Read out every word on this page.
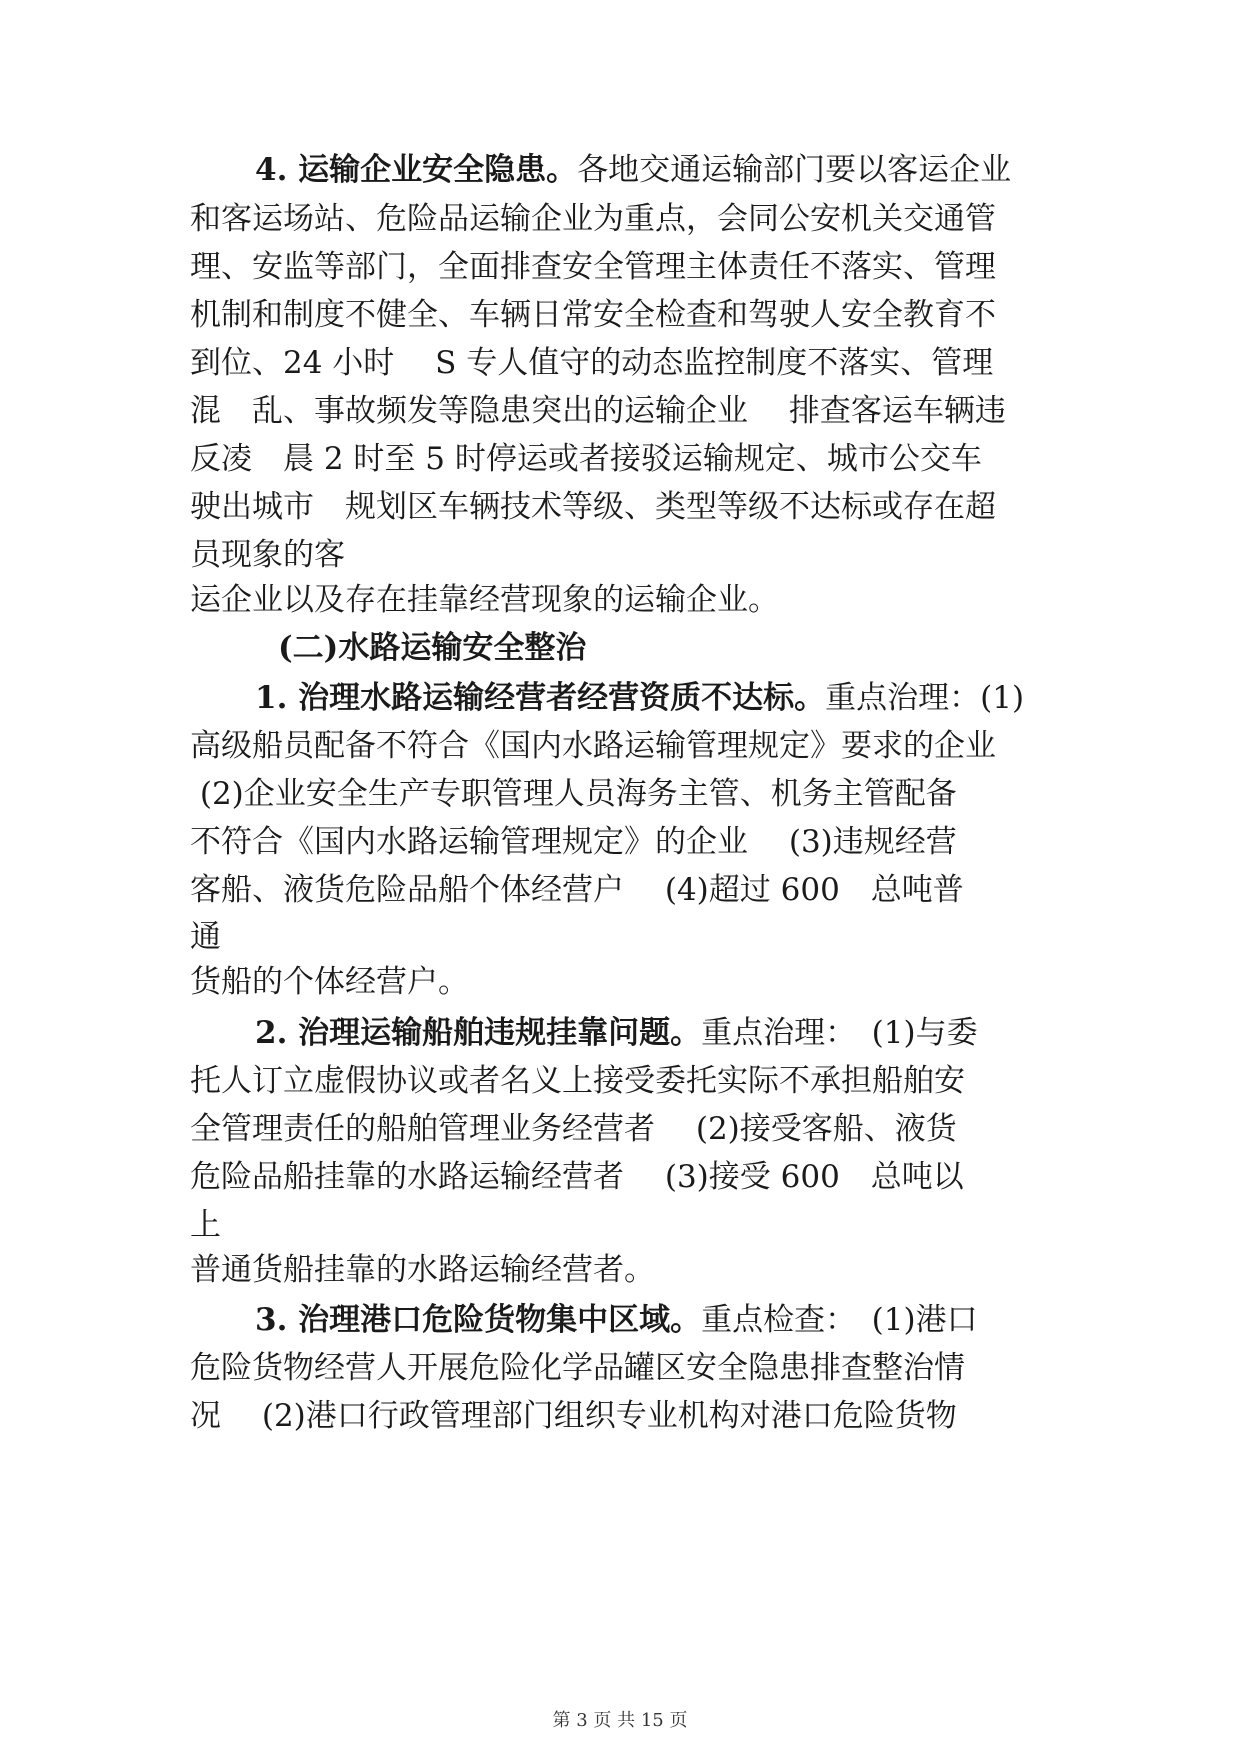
4. 运输企业安全隐患。各地交通运输部门要以客运企业
和客运场站、危险品运输企业为重点，会同公安机关交通管
理、安监等部门，全面排查安全管理主体责任不落实、管理
机制和制度不健全、车辆日常安全检查和驾驶人安全教育不
到位、24 小时　 S 专人值守的动态监控制度不落实、管理
混　乱、事故频发等隐患突出的运输企业　 排查客运车辆违
反凌　晨 2 时至 5 时停运或者接驳运输规定、城市公交车
驶出城市　规划区车辆技术等级、类型等级不达标或存在超
员现象的客
运企业以及存在挂靠经营现象的运输企业。
(二)水路运输安全整治
1. 治理水路运输经营者经营资质不达标。重点治理：(1)
高级船员配备不符合《国内水路运输管理规定》要求的企业
(2)企业安全生产专职管理人员海务主管、机务主管配备
不符合《国内水路运输管理规定》的企业　 (3)违规经营
客船、液货危险品船个体经营户　 (4)超过 600　总吨普
通
货船的个体经营户。
2. 治理运输船舶违规挂靠问题。重点治理：　(1)与委
托人订立虚假协议或者名义上接受委托实际不承担船舶安
全管理责任的船舶管理业务经营者　 (2)接受客船、液货
危险品船挂靠的水路运输经营者　 (3)接受 600　总吨以
上
普通货船挂靠的水路运输经营者。
3. 治理港口危险货物集中区域。重点检查：　(1)港口
危险货物经营人开展危险化学品罐区安全隐患排查整治情
况　 (2)港口行政管理部门组织专业机构对港口危险货物
第 3 页 共 15 页
